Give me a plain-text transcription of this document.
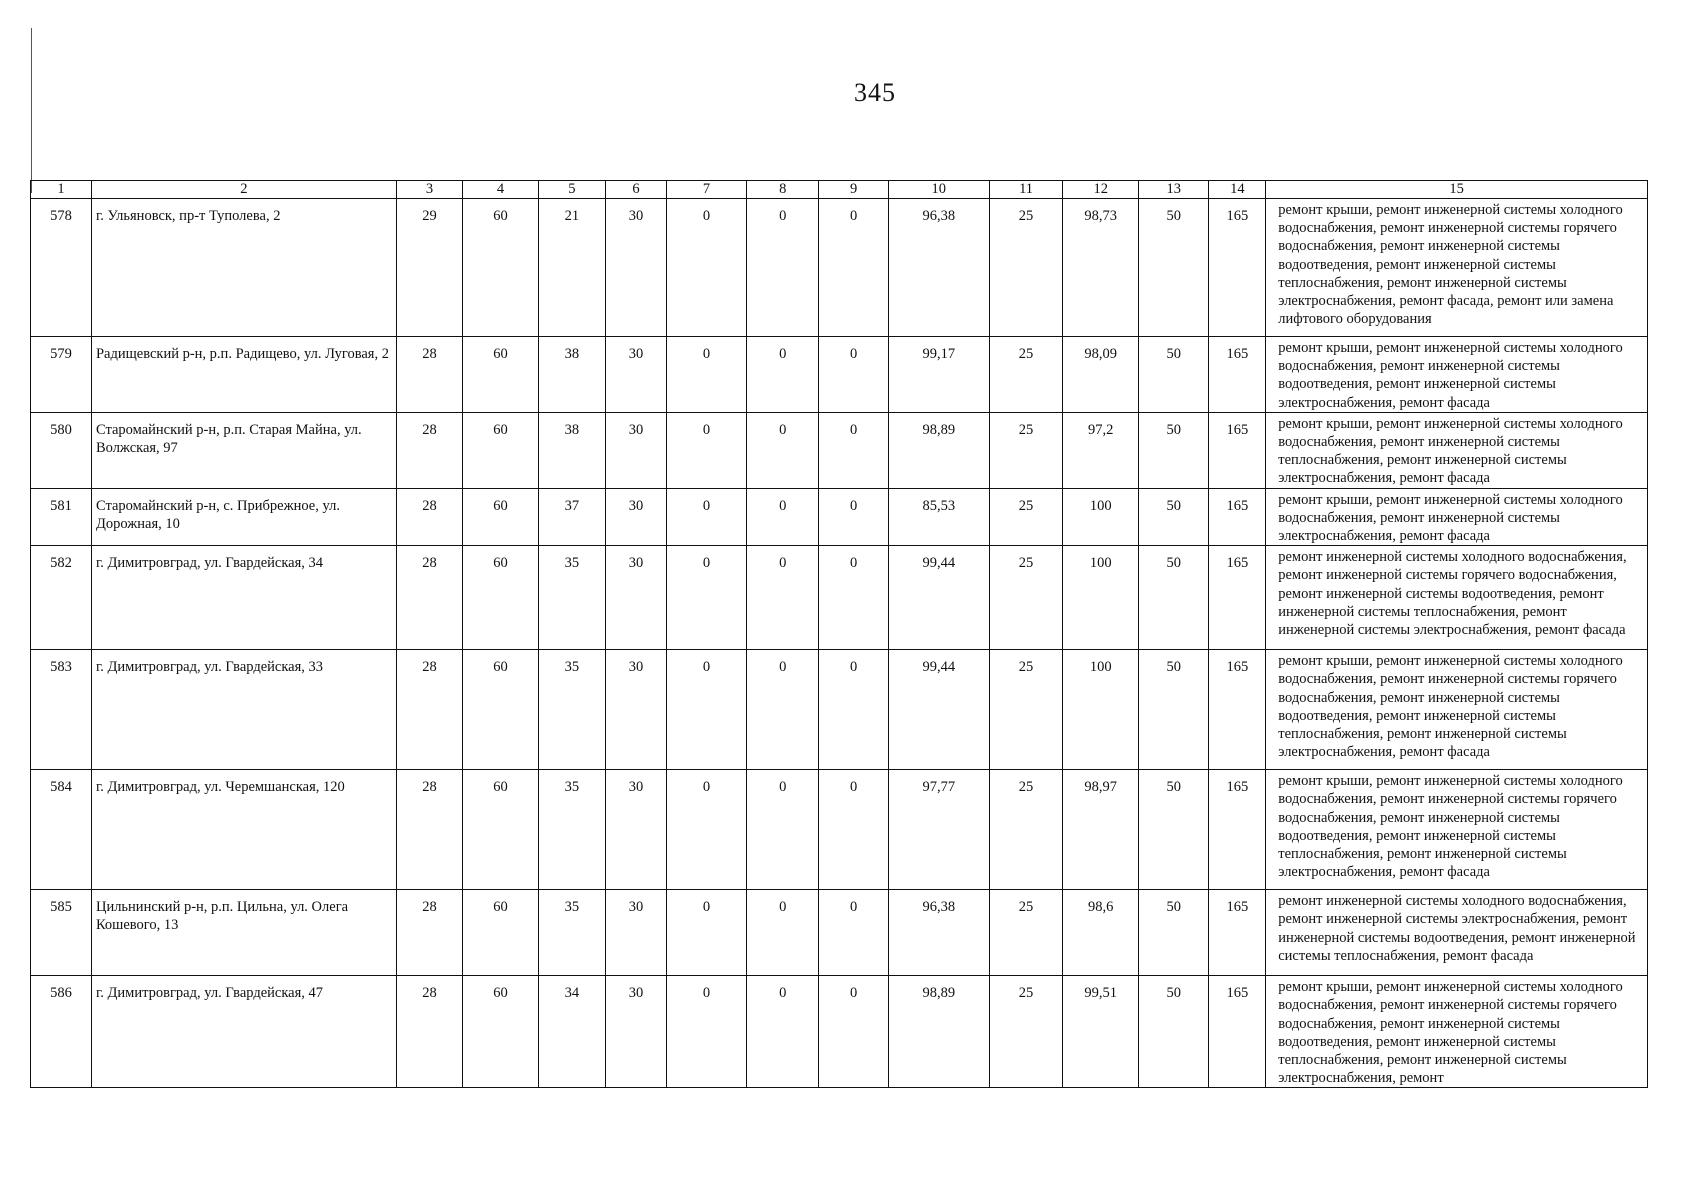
345
1	2	3	4	5	6	7	8	9	10	11	12	13	14	15
578	г. Ульяновск, пр-т Туполева, 2	29	60	21	30	0	0	0	96,38	25	98,73	50	165	ремонт крыши, ремонт инженерной системы холодного водоснабжения, ремонт инженерной системы горячего водоснабжения, ремонт инженерной системы водоотведения, ремонт инженерной системы теплоснабжения, ремонт инженерной системы электроснабжения, ремонт фасада, ремонт или замена лифтового оборудования
579	Радищевский р-н, р.п. Радищево, ул. Луговая, 2	28	60	38	30	0	0	0	99,17	25	98,09	50	165	ремонт крыши, ремонт инженерной системы холодного водоснабжения, ремонт инженерной системы водоотведения, ремонт инженерной системы электроснабжения, ремонт фасада
580	Старомайнский р-н, р.п. Старая Майна, ул. Волжская, 97	28	60	38	30	0	0	0	98,89	25	97,2	50	165	ремонт крыши, ремонт инженерной системы холодного водоснабжения, ремонт инженерной системы теплоснабжения, ремонт инженерной системы электроснабжения, ремонт фасада
581	Старомайнский р-н, с. Прибрежное, ул. Дорожная, 10	28	60	37	30	0	0	0	85,53	25	100	50	165	ремонт крыши, ремонт инженерной системы холодного водоснабжения, ремонт инженерной системы электроснабжения, ремонт фасада
582	г. Димитровград, ул. Гвардейская, 34	28	60	35	30	0	0	0	99,44	25	100	50	165	ремонт инженерной системы холодного водоснабжения, ремонт инженерной системы горячего водоснабжения, ремонт инженерной системы водоотведения, ремонт инженерной системы теплоснабжения, ремонт инженерной системы электроснабжения, ремонт фасада
583	г. Димитровград, ул. Гвардейская, 33	28	60	35	30	0	0	0	99,44	25	100	50	165	ремонт крыши, ремонт инженерной системы холодного водоснабжения, ремонт инженерной системы горячего водоснабжения, ремонт инженерной системы водоотведения, ремонт инженерной системы теплоснабжения, ремонт инженерной системы электроснабжения, ремонт фасада
584	г. Димитровград, ул. Черемшанская, 120	28	60	35	30	0	0	0	97,77	25	98,97	50	165	ремонт крыши, ремонт инженерной системы холодного водоснабжения, ремонт инженерной системы горячего водоснабжения, ремонт инженерной системы водоотведения, ремонт инженерной системы теплоснабжения, ремонт инженерной системы электроснабжения, ремонт фасада
585	Цильнинский р-н, р.п. Цильна, ул. Олега Кошевого, 13	28	60	35	30	0	0	0	96,38	25	98,6	50	165	ремонт инженерной системы холодного водоснабжения, ремонт инженерной системы электроснабжения, ремонт инженерной системы водоотведения, ремонт инженерной системы теплоснабжения, ремонт фасада
586	г. Димитровград, ул. Гвардейская, 47	28	60	34	30	0	0	0	98,89	25	99,51	50	165	ремонт крыши, ремонт инженерной системы холодного водоснабжения, ремонт инженерной системы горячего водоснабжения, ремонт инженерной системы водоотведения, ремонт инженерной системы теплоснабжения, ремонт инженерной системы электроснабжения, ремонт
